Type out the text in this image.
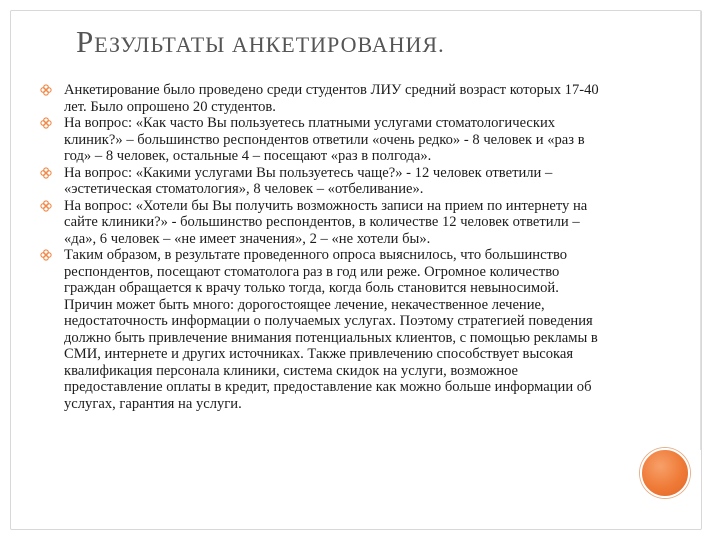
РЕЗУЛЬТАТЫ АНКЕТИРОВАНИЯ.
Анкетирование было проведено среди студентов ЛИУ средний возраст которых 17-40 лет. Было опрошено 20 студентов.
На вопрос: «Как часто Вы пользуетесь платными услугами стоматологических клиник?» – большинство респондентов ответили «очень редко» - 8 человек и «раз в год» – 8 человек, остальные 4 – посещают «раз в полгода».
На вопрос: «Какими услугами Вы пользуетесь чаще?» - 12 человек ответили – «эстетическая стоматология», 8 человек – «отбеливание».
На вопрос: «Хотели бы Вы получить возможность записи на прием по интернету на сайте клиники?» - большинство респондентов, в количестве 12 человек ответили – «да», 6 человек – «не имеет значения», 2 – «не хотели бы».
Таким образом, в результате проведенного опроса выяснилось, что большинство респондентов, посещают стоматолога раз в год или реже. Огромное количество граждан обращается к врачу только тогда, когда боль становится невыносимой. Причин может быть много: дорогостоящее лечение, некачественное лечение, недостаточность информации о получаемых услугах. Поэтому стратегией поведения должно быть привлечение внимания потенциальных клиентов, с помощью рекламы в СМИ, интернете и других источниках. Также привлечению способствует высокая квалификация персонала клиники, система скидок на услуги, возможное предоставление оплаты в кредит, предоставление как можно больше информации об услугах, гарантия на услуги.
